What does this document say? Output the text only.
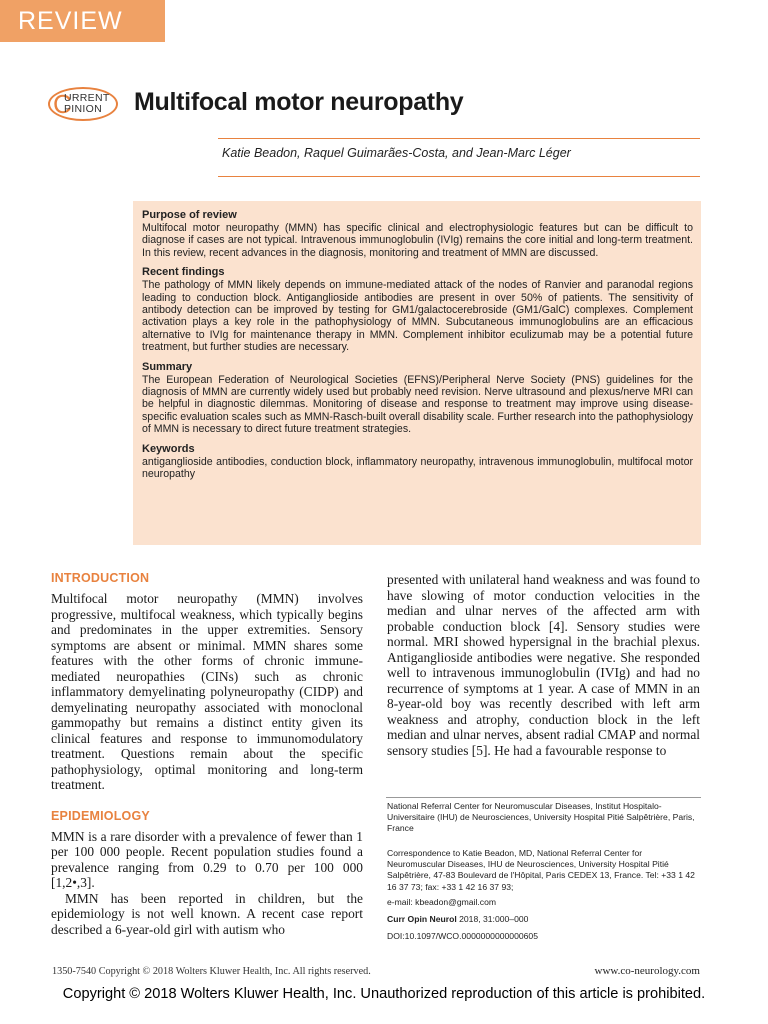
REVIEW
C
URRENT
PINION	Multifocal motor neuropathy
Katie Beadon, Raquel Guimarães-Costa, and Jean-Marc Léger
Purpose of review

Multifocal motor neuropathy (MMN) has specific clinical and electrophysiologic features but can be difficult to diagnose if cases are not typical. Intravenous immunoglobulin (IVIg) remains the core initial and long-term treatment. In this review, recent advances in the diagnosis, monitoring and treatment of MMN are discussed.

Recent findings

The pathology of MMN likely depends on immune-mediated attack of the nodes of Ranvier and paranodal regions leading to conduction block. Antiganglioside antibodies are present in over 50% of patients. The sensitivity of antibody detection can be improved by testing for GM1/galactocerebroside (GM1/GalC) complexes. Complement activation plays a key role in the pathophysiology of MMN. Subcutaneous immunoglobulins are an efficacious alternative to IVIg for maintenance therapy in MMN. Complement inhibitor eculizumab may be a potential future treatment, but further studies are necessary.

Summary

The European Federation of Neurological Societies (EFNS)/Peripheral Nerve Society (PNS) guidelines for the diagnosis of MMN are currently widely used but probably need revision. Nerve ultrasound and plexus/nerve MRI can be helpful in diagnostic dilemmas. Monitoring of disease and response to treatment may improve using disease-specific evaluation scales such as MMN-Rasch-built overall disability scale. Further research into the pathophysiology of MMN is necessary to direct future treatment strategies.

Keywords

antiganglioside antibodies, conduction block, inflammatory neuropathy, intravenous immunoglobulin, multifocal motor neuropathy

INTRODUCTION

Multifocal motor neuropathy (MMN) involves progressive, multifocal weakness, which typically begins and predominates in the upper extremities. Sensory symptoms are absent or minimal. MMN shares some features with the other forms of chronic immune-mediated neuropathies (CINs) such as chronic inflammatory demyelinating polyneuropathy (CIDP) and demyelinating neuropathy associated with monoclonal gammopathy but remains a distinct entity given its clinical features and response to immunomodulatory treatment. Questions remain about the specific pathophysiology, optimal monitoring and long-term treatment.

EPIDEMIOLOGY

MMN is a rare disorder with a prevalence of fewer than 1 per 100 000 people. Recent population studies found a prevalence ranging from 0.29 to 0.70 per 100 000 [1,2•,3].

MMN has been reported in children, but the epidemiology is not well known. A recent case report described a 6-year-old girl with autism who

presented with unilateral hand weakness and was found to have slowing of motor conduction velocities in the median and ulnar nerves of the affected arm with probable conduction block [4]. Sensory studies were normal. MRI showed hypersignal in the brachial plexus. Antiganglioside antibodies were negative. She responded well to intravenous immunoglobulin (IVIg) and had no recurrence of symptoms at 1 year. A case of MMN in an 8-year-old boy was recently described with left arm weakness and atrophy, conduction block in the left median and ulnar nerves, absent radial CMAP and normal sensory studies [5]. He had a favourable response to

National Referral Center for Neuromuscular Diseases, Institut Hospitalo-Universitaire (IHU) de Neurosciences, University Hospital Pitié Salpêtrière, Paris, France
Correspondence to Katie Beadon, MD, National Referral Center for Neuromuscular Diseases, IHU de Neurosciences, University Hospital Pitié Salpêtrière, 47-83 Boulevard de l'Hôpital, Paris CEDEX 13, France. Tel: +33 1 42 16 37 73; fax: +33 1 42 16 37 93;
e-mail: kbeadon@gmail.com
Curr Opin Neurol 2018, 31:000–000
DOI:10.1097/WCO.0000000000000605
1350-7540 Copyright © 2018 Wolters Kluwer Health, Inc. All rights reserved.	www.co-neurology.com
Copyright © 2018 Wolters Kluwer Health, Inc. Unauthorized reproduction of this article is prohibited.
